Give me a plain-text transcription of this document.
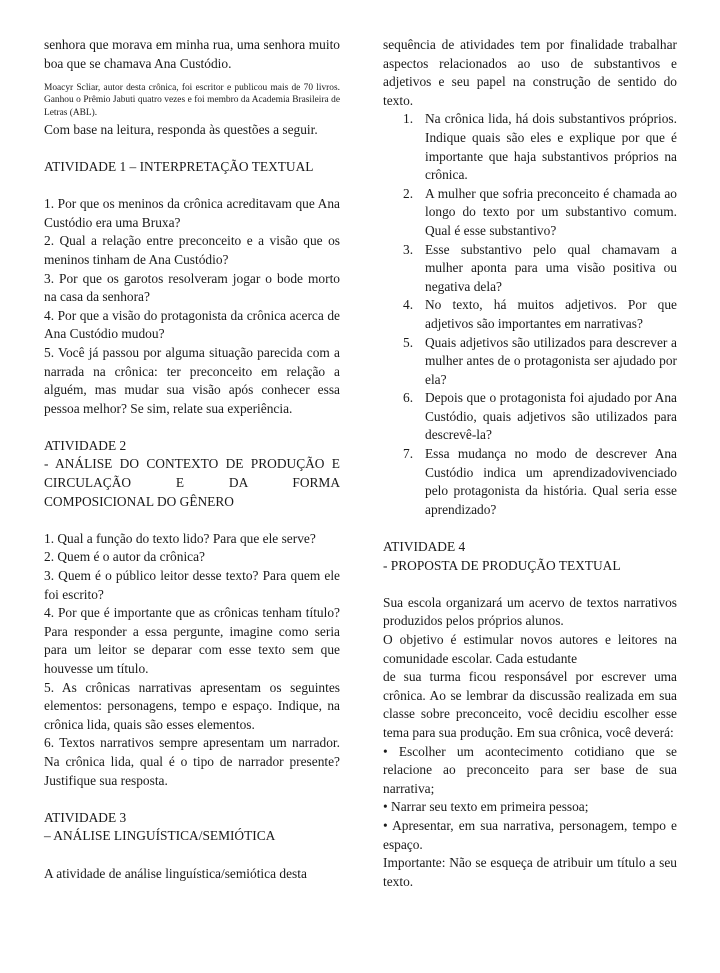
senhora que morava em minha rua, uma senhora muito boa que se chamava Ana Custódio.

Moacyr Scliar, autor desta crônica, foi escritor e publicou mais de 70 livros. Ganhou o Prêmio Jabuti quatro vezes e foi membro da Academia Brasileira de Letras (ABL).

Com base na leitura, responda às questões a seguir.

ATIVIDADE 1 – INTERPRETAÇÃO TEXTUAL

1. Por que os meninos da crônica acreditavam que Ana Custódio era uma Bruxa?

2. Qual a relação entre preconceito e a visão que os meninos tinham de Ana Custódio?

3. Por que os garotos resolveram jogar o bode morto na casa da senhora?

4. Por que a visão do protagonista da crônica acerca de Ana Custódio mudou?

5. Você já passou por alguma situação parecida com a narrada na crônica: ter preconceito em relação a alguém, mas mudar sua visão após conhecer essa pessoa melhor? Se sim, relate sua experiência.

ATIVIDADE 2

- ANÁLISE DO CONTEXTO DE PRODUÇÃO E CIRCULAÇÃO E DA FORMA

COMPOSICIONAL DO GÊNERO

1. Qual a função do texto lido? Para que ele serve?

2. Quem é o autor da crônica?

3. Quem é o público leitor desse texto? Para quem ele foi escrito?

4. Por que é importante que as crônicas tenham título? Para responder a essa pergunte, imagine como seria para um leitor se deparar com esse texto sem que houvesse um título.

5. As crônicas narrativas apresentam os seguintes elementos: personagens, tempo e espaço. Indique, na crônica lida, quais são esses elementos.

6. Textos narrativos sempre apresentam um narrador. Na crônica lida, qual é o tipo de narrador presente? Justifique sua resposta.

ATIVIDADE 3

– ANÁLISE LINGUÍSTICA/SEMIÓTICA

A atividade de análise linguística/semiótica desta

sequência de atividades tem por finalidade trabalhar aspectos relacionados ao uso de substantivos e adjetivos e seu papel na construção de sentido do texto.

1. Na crônica lida, há dois substantivos próprios. Indique quais são eles e explique por que é importante que haja substantivos próprios na crônica.
2. A mulher que sofria preconceito é chamada ao longo do texto por um substantivo comum. Qual é esse substantivo?
3. Esse substantivo pelo qual chamavam a mulher aponta para uma visão positiva ou negativa dela?
4. No texto, há muitos adjetivos. Por que adjetivos são importantes em narrativas?
5. Quais adjetivos são utilizados para descrever a mulher antes de o protagonista ser ajudado por ela?
6. Depois que o protagonista foi ajudado por Ana Custódio, quais adjetivos são utilizados para descrevê-la?
7. Essa mudança no modo de descrever Ana Custódio indica um aprendizadovivenciado pelo protagonista da história. Qual seria esse aprendizado?

ATIVIDADE 4

- PROPOSTA DE PRODUÇÃO TEXTUAL

Sua escola organizará um acervo de textos narrativos produzidos pelos próprios alunos.

O objetivo é estimular novos autores e leitores na comunidade escolar. Cada estudante

de sua turma ficou responsável por escrever uma crônica. Ao se lembrar da discussão realizada em sua classe sobre preconceito, você decidiu escolher esse tema para sua produção. Em sua crônica, você deverá:

• Escolher um acontecimento cotidiano que se relacione ao preconceito para ser base de sua narrativa;

• Narrar seu texto em primeira pessoa;

• Apresentar, em sua narrativa, personagem, tempo e espaço.

Importante: Não se esqueça de atribuir um título a seu texto.
